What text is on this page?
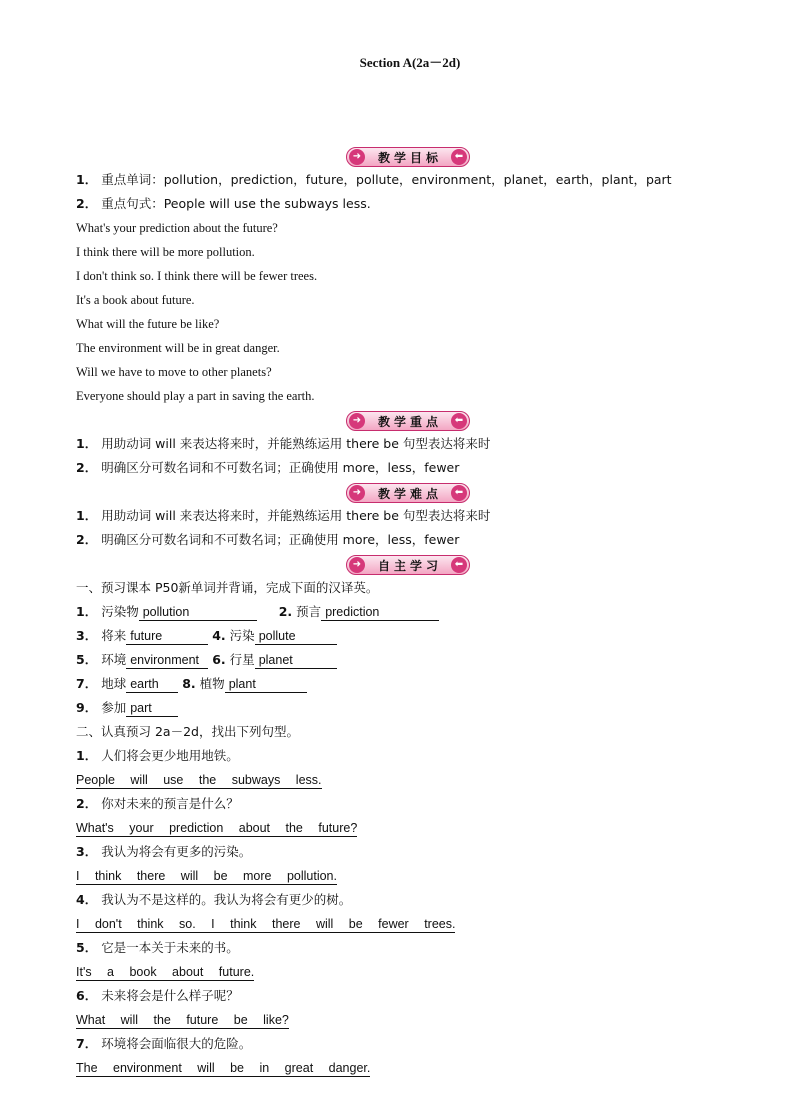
Section A(2a－2d)
➜	教学目标	⬅
1． 重点单词：pollution，prediction，future，pollute，environment，planet，earth，plant，part
2． 重点句式：People will use the subways less.
What's your prediction about the future?
I think there will be more pollution.
I don't think so. I think there will be fewer trees.
It's a book about future.
What will the future be like?
The environment will be in great danger.
Will we have to move to other planets?
Everyone should play a part in saving the earth.
➜	教学重点	⬅
1． 用助动词 will 来表达将来时，并能熟练运用 there be 句型表达将来时
2． 明确区分可数名词和不可数名词；正确使用 more，less，fewer
➜	教学难点	⬅
1． 用助动词 will 来表达将来时，并能熟练运用 there be 句型表达将来时
2． 明确区分可数名词和不可数名词；正确使用 more，less，fewer
➜	自主学习	⬅
一、预习课本 P50新单词并背诵，完成下面的汉译英。
1． 污染物 pollution	2. 预言 prediction
3． 将来 future	4. 污染 pollute
5． 环境 environment 6. 行星 planet
7． 地球 earth 8. 植物 plant
9． 参加 part
二、认真预习 2a－2d，找出下列句型。
1． 人们将会更少地用地铁。
People will use the subways less.
2． 你对未来的预言是什么？
What's your prediction about the future?
3． 我认为将会有更多的污染。
I think there will be more pollution.
4． 我认为不是这样的。我认为将会有更少的树。
I don't think so. I think there will be fewer trees.
5． 它是一本关于未来的书。
It's a book about future.
6． 未来将会是什么样子呢？
What will the future be like?
7． 环境将会面临很大的危险。
The environment will be in great danger.
